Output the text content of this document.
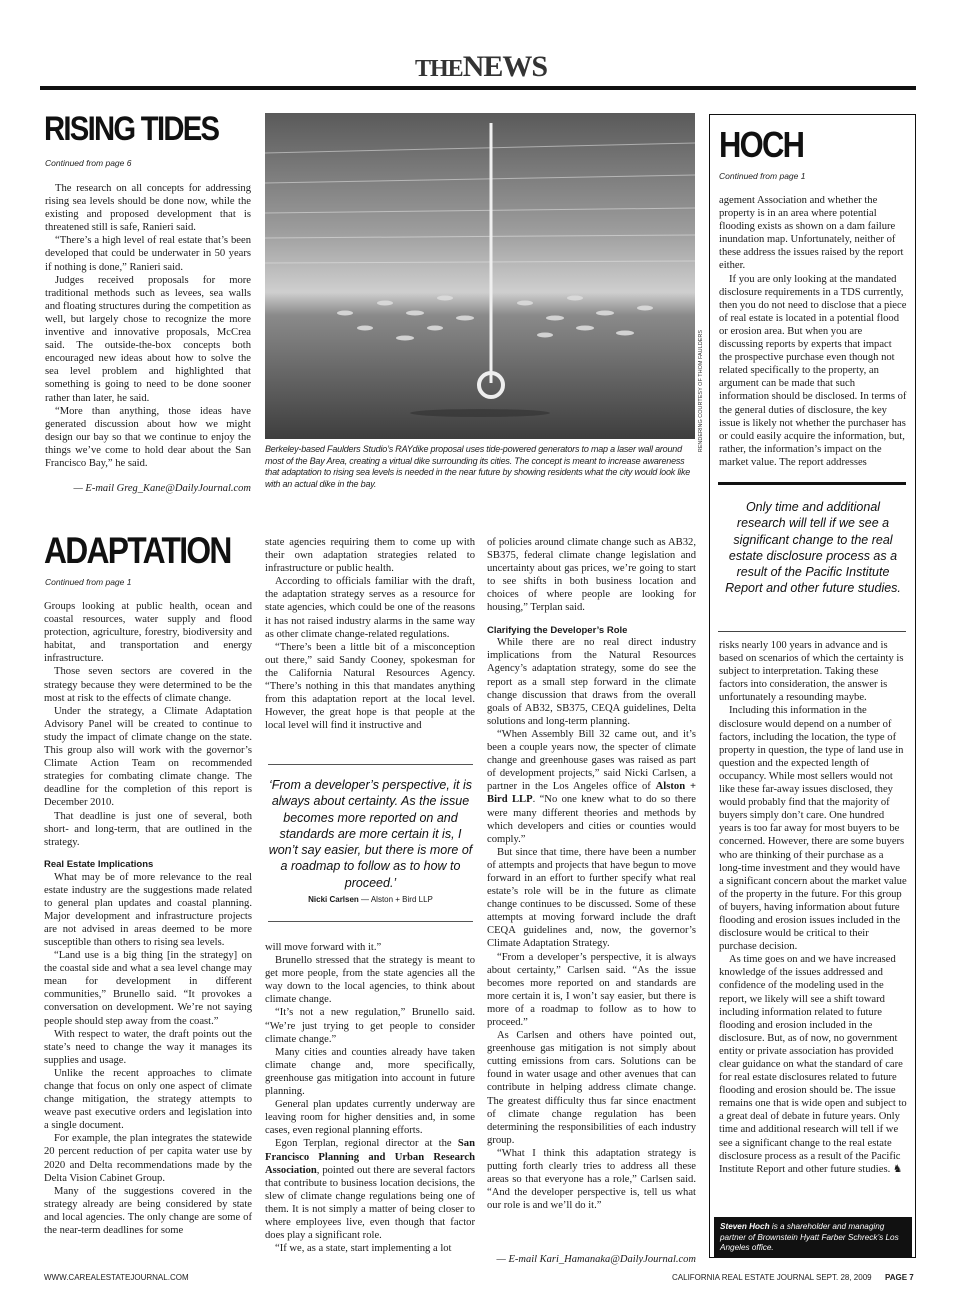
THENEWS
RISING TIDES
Continued from page 6

The research on all concepts for addressing rising sea levels should be done now, while the existing and proposed development that is threatened still is safe, Ranieri said.

“There’s a high level of real estate that’s been developed that could be underwater in 50 years if nothing is done,” Ranieri said.

Judges received proposals for more traditional methods such as levees, sea walls and floating structures during the competition as well, but largely chose to recognize the more inventive and innovative proposals, McCrea said. The outside-the-box concepts both encouraged new ideas about how to solve the sea level problem and highlighted that something is going to need to be done sooner rather than later, he said.

“More than anything, those ideas have generated discussion about how we might design our bay so that we continue to enjoy the things we’ve come to hold dear about the San Francisco Bay,” he said.

— E-mail Greg_Kane@DailyJournal.com
RENDERING COURTESY OF THOM FAULDERS
Berkeley-based Faulders Studio’s RAYdike proposal uses tide-powered generators to map a laser wall around most of the Bay Area, creating a virtual dike surrounding its cities. The concept is meant to increase awareness that adaptation to rising sea levels is needed in the near future by showing residents what the city would look like with an actual dike in the bay.
HOCH
Continued from page 1

agement Association and whether the property is in an area where potential flooding exists as shown on a dam failure inundation map. Unfortunately, neither of these address the issues raised by the report either.

If you are only looking at the mandated disclosure requirements in a TDS currently, then you do not need to disclose that a piece of real estate is located in a potential flood or erosion area. But when you are discussing reports by experts that impact the prospective purchase even though not related specifically to the property, an argument can be made that such information should be disclosed. In terms of the general duties of disclosure, the key issue is likely not whether the purchaser has or could easily acquire the information, but, rather, the information’s impact on the market value. The report addresses

Only time and additional research will tell if we see a significant change to the real estate disclosure process as a result of the Pacific Institute Report and other future studies.

risks nearly 100 years in advance and is based on scenarios of which the certainty is subject to interpretation. Taking these factors into consideration, the answer is unfortunately a resounding maybe.

Including this information in the disclosure would depend on a number of factors, including the location, the type of property in question, the type of land use in question and the expected length of occupancy. While most sellers would not like these far-away issues disclosed, they would probably find that the majority of buyers simply don’t care. One hundred years is too far away for most buyers to be concerned. However, there are some buyers who are thinking of their purchase as a long-time investment and they would have a significant concern about the market value of the property in the future. For this group of buyers, having information about future flooding and erosion issues included in the disclosure would be critical to their purchase decision.

As time goes on and we have increased knowledge of the issues addressed and confidence of the modeling used in the report, we likely will see a shift toward including information related to future flooding and erosion included in the disclosure. But, as of now, no government entity or private association has provided clear guidance on what the standard of care for real estate disclosures related to future flooding and erosion should be. The issue remains one that is wide open and subject to a great deal of debate in future years. Only time and additional research will tell if we see a significant change to the real estate disclosure process as a result of the Pacific Institute Report and other future studies. ♞

Steven Hoch is a shareholder and managing partner of Brownstein Hyatt Farber Schreck’s Los Angeles office.
ADAPTATION
Continued from page 1

Groups looking at public health, ocean and coastal resources, water supply and flood protection, agriculture, forestry, biodiversity and habitat, and transportation and energy infrastructure.

Those seven sectors are covered in the strategy because they were determined to be the most at risk to the effects of climate change.

Under the strategy, a Climate Adaptation Advisory Panel will be created to continue to study the impact of climate change on the state. This group also will work with the governor’s Climate Action Team on recommended strategies for combating climate change. The deadline for the completion of this report is December 2010.

That deadline is just one of several, both short- and long-term, that are outlined in the strategy.

Real Estate Implications

What may be of more relevance to the real estate industry are the suggestions made related to general plan updates and coastal planning. Major development and infrastructure projects are not advised in areas deemed to be more susceptible than others to rising sea levels.

“Land use is a big thing [in the strategy] on the coastal side and what a sea level change may mean for development in different communities,” Brunello said. “It provokes a conversation on development. We’re not saying people should step away from the coast.”

With respect to water, the draft points out the state’s need to change the way it manages its supplies and usage.

Unlike the recent approaches to climate change that focus on only one aspect of climate change mitigation, the strategy attempts to weave past executive orders and legislation into a single document.

For example, the plan integrates the statewide 20 percent reduction of per capita water use by 2020 and Delta recommendations made by the Delta Vision Cabinet Group.

Many of the suggestions covered in the strategy already are being considered by state and local agencies. The only change are some of the near-term deadlines for some

state agencies requiring them to come up with their own adaptation strategies related to infrastructure or public health.

According to officials familiar with the draft, the adaptation strategy serves as a resource for state agencies, which could be one of the reasons it has not raised industry alarms in the same way as other climate change-related regulations.

“There’s been a little bit of a misconception out there,” said Sandy Cooney, spokesman for the California Natural Resources Agency. “There’s nothing in this that mandates anything from this adaptation report at the local level. However, the great hope is that people at the local level will find it instructive and

‘From a developer’s perspective, it is always about certainty. As the issue becomes more reported on and standards are more certain it is, I won’t say easier, but there is more of a roadmap to follow as to how to proceed.’
Nicki Carlsen — Alston + Bird LLP

will move forward with it.”

Brunello stressed that the strategy is meant to get more people, from the state agencies all the way down to the local agencies, to think about climate change.

“It’s not a new regulation,” Brunello said. “We’re just trying to get people to consider climate change.”

Many cities and counties already have taken climate change and, more specifically, greenhouse gas mitigation into account in future planning.

General plan updates currently underway are leaving room for higher densities and, in some cases, even regional planning efforts.

Egon Terplan, regional director at the San Francisco Planning and Urban Research Association, pointed out there are several factors that contribute to business location decisions, the slew of climate change regulations being one of them. It is not simply a matter of being closer to where employees live, even though that factor does play a significant role.

“If we, as a state, start implementing a lot

of policies around climate change such as AB32, SB375, federal climate change legislation and uncertainty about gas prices, we’re going to start to see shifts in both business location and choices of where people are looking for housing,” Terplan said.

Clarifying the Developer’s Role

While there are no real direct industry implications from the Natural Resources Agency’s adaptation strategy, some do see the report as a small step forward in the climate change discussion that draws from the overall goals of AB32, SB375, CEQA guidelines, Delta solutions and long-term planning.

“When Assembly Bill 32 came out, and it’s been a couple years now, the specter of climate change and greenhouse gases was raised as part of development projects,” said Nicki Carlsen, a partner in the Los Angeles office of Alston + Bird LLP. “No one knew what to do so there were many different theories and methods by which developers and cities or counties would comply.”

But since that time, there have been a number of attempts and projects that have begun to move forward in an effort to further specify what real estate’s role will be in the future as climate change continues to be discussed. Some of these attempts at moving forward include the draft CEQA guidelines and, now, the governor’s Climate Adaptation Strategy.

“From a developer’s perspective, it is always about certainty,” Carlsen said. “As the issue becomes more reported on and standards are more certain it is, I won’t say easier, but there is more of a roadmap to follow as to how to proceed.”

As Carlsen and others have pointed out, greenhouse gas mitigation is not simply about cutting emissions from cars. Solutions can be found in water usage and other avenues that can contribute in helping address climate change. The greatest difficulty thus far since enactment of climate change regulation has been determining the responsibilities of each industry group.

“What I think this adaptation strategy is putting forth clearly tries to address all these areas so that everyone has a role,” Carlsen said. “And the developer perspective is, tell us what our role is and we’ll do it.”

— E-mail Kari_Hamanaka@DailyJournal.com
WWW.CAREALESTATEJOURNAL.COM	CALIFORNIA REAL ESTATE JOURNAL SEPT. 28, 2009 PAGE 7
